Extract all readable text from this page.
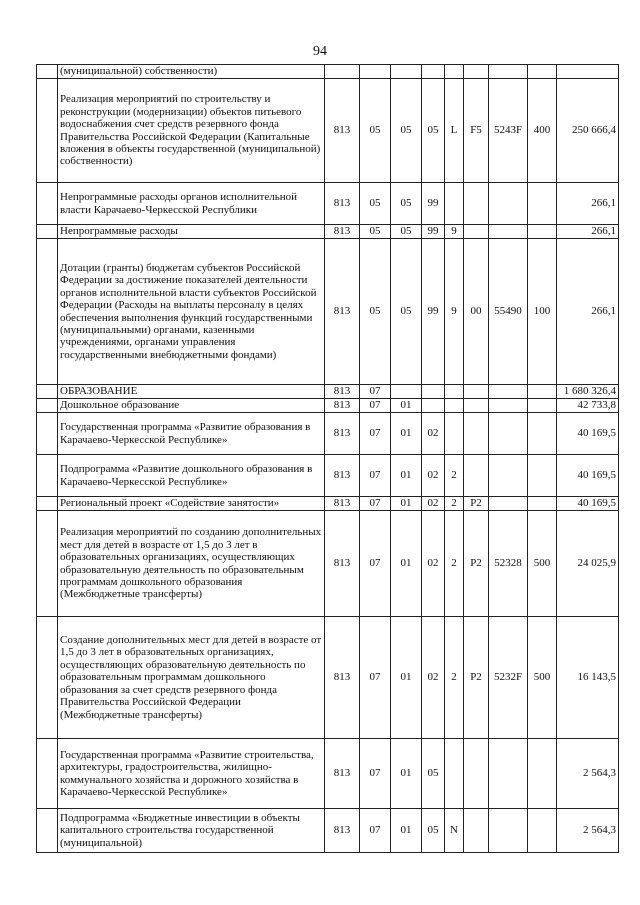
94
	(муниципальной) собственности)									
	Реализация мероприятий по строительству и реконструкции (модернизации) объектов питьевого водоснабжения счет средств резервного фонда Правительства Российской Федерации (Капитальные вложения в объекты государственной (муниципальной) собственности)	813	05	05	05	L	F5	5243F	400	250 666,4
	Непрограммные расходы органов исполнительной власти Карачаево-Черкесской Республики	813	05	05	99					266,1
	Непрограммные расходы	813	05	05	99	9				266,1
	Дотации (гранты) бюджетам субъектов Российской Федерации за достижение показателей деятельности органов исполнительной власти субъектов Российской Федерации (Расходы на выплаты персоналу в целях обеспечения выполнения функций государственными (муниципальными) органами, казенными учреждениями, органами управления государственными внебюджетными фондами)	813	05	05	99	9	00	55490	100	266,1
	ОБРАЗОВАНИЕ	813	07							1 680 326,4
	Дошкольное образование	813	07	01						42 733,8
	Государственная программа «Развитие образования в Карачаево-Черкесской Республике»	813	07	01	02					40 169,5
	Подпрограмма «Развитие дошкольного образования в Карачаево-Черкесской Республике»	813	07	01	02	2				40 169,5
	Региональный проект «Содействие занятости»	813	07	01	02	2	P2			40 169,5
	Реализация мероприятий по созданию дополнительных мест для детей в возрасте от 1,5 до 3 лет в образовательных организациях, осуществляющих образовательную деятельность по образовательным программам дошкольного образования (Межбюджетные трансферты)	813	07	01	02	2	P2	52328	500	24 025,9
	Создание дополнительных мест для детей в возрасте от 1,5 до 3 лет в образовательных организациях, осуществляющих образовательную деятельность по образовательным программам дошкольного образования за счет средств резервного фонда Правительства Российской Федерации (Межбюджетные трансферты)	813	07	01	02	2	P2	5232F	500	16 143,5
	Государственная программа «Развитие строительства, архитектуры, градостроительства, жилищно-коммунального хозяйства и дорожного хозяйства в Карачаево-Черкесской Республике»	813	07	01	05					2 564,3
	Подпрограмма «Бюджетные инвестиции в объекты капитального строительства государственной (муниципальной)	813	07	01	05	N				2 564,3
